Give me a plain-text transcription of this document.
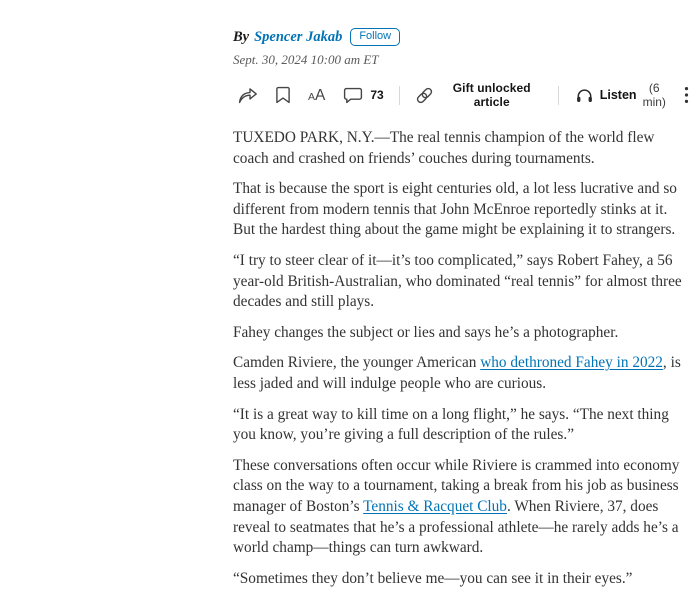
By Spencer Jakab	Follow
Sept. 30, 2024 10:00 am ET
A A	73	Gift unlocked article	Listen	(6 min)

TUXEDO PARK, N.Y.—The real tennis champion of the world flew coach and crashed on friends’ couches during tournaments.

That is because the sport is eight centuries old, a lot less lucrative and so different from modern tennis that John McEnroe reportedly stinks at it. But the hardest thing about the game might be explaining it to strangers.

“I try to steer clear of it—it’s too complicated,” says Robert Fahey, a 56 year-old British-Australian, who dominated “real tennis” for almost three decades and still plays.

Fahey changes the subject or lies and says he’s a photographer.

Camden Riviere, the younger American who dethroned Fahey in 2022, is less jaded and will indulge people who are curious.

“It is a great way to kill time on a long flight,” he says. “The next thing you know, you’re giving a full description of the rules.”

These conversations often occur while Riviere is crammed into economy class on the way to a tournament, taking a break from his job as business manager of Boston’s Tennis & Racquet Club. When Riviere, 37, does reveal to seatmates that he’s a professional athlete—he rarely adds he’s a world champ—things can turn awkward.

“Sometimes they don’t believe me—you can see it in their eyes.”
